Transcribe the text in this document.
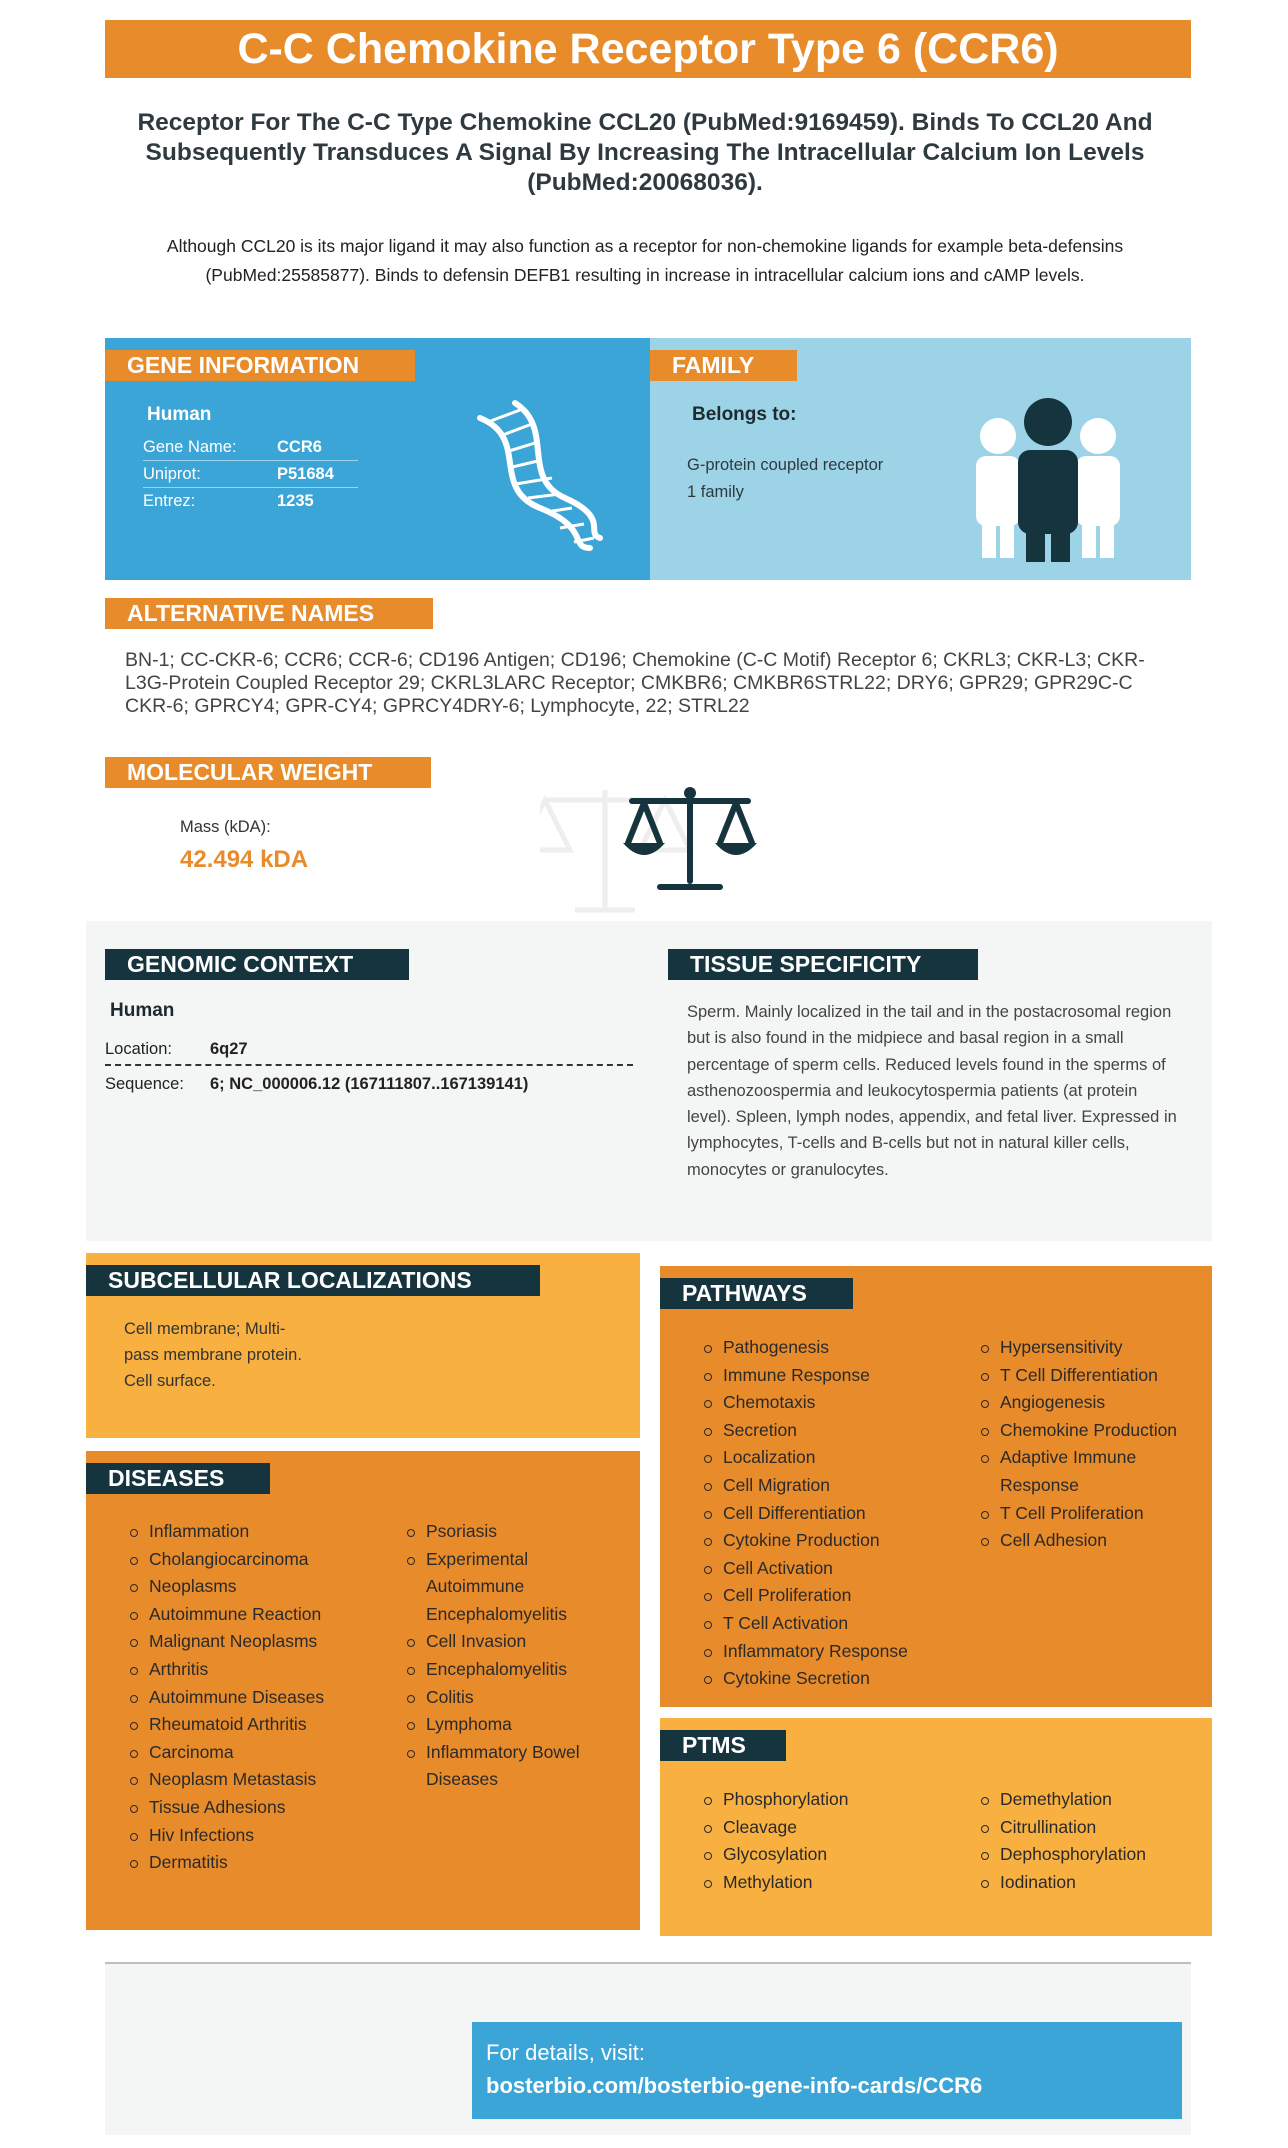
C-C Chemokine Receptor Type 6 (CCR6)
Receptor For The C-C Type Chemokine CCL20 (PubMed:9169459). Binds To CCL20 And Subsequently Transduces A Signal By Increasing The Intracellular Calcium Ion Levels (PubMed:20068036).
Although CCL20 is its major ligand it may also function as a receptor for non-chemokine ligands for example beta-defensins (PubMed:25585877). Binds to defensin DEFB1 resulting in increase in intracellular calcium ions and cAMP levels.
GENE INFORMATION
Human
Gene Name: CCR6
Uniprot:	P51684
Entrez:	1235
FAMILY
Belongs to:
G-protein coupled receptor
1 family
ALTERNATIVE NAMES
BN-1; CC-CKR-6; CCR6; CCR-6; CD196 Antigen; CD196; Chemokine (C-C Motif) Receptor 6; CKRL3; CKR-L3; CKR-L3G-Protein Coupled Receptor 29; CKRL3LARC Receptor; CMKBR6; CMKBR6STRL22; DRY6; GPR29; GPR29C-C CKR-6; GPRCY4; GPR-CY4; GPRCY4DRY-6; Lymphocyte, 22; STRL22
MOLECULAR WEIGHT
Mass (kDA):
42.494 kDA
GENOMIC CONTEXT
Human
Location: 6q27
Sequence: 6; NC_000006.12 (167111807..167139141)
TISSUE SPECIFICITY
Sperm. Mainly localized in the tail and in the postacrosomal region but is also found in the midpiece and basal region in a small percentage of sperm cells. Reduced levels found in the sperms of asthenozoospermia and leukocytospermia patients (at protein level). Spleen, lymph nodes, appendix, and fetal liver. Expressed in lymphocytes, T-cells and B-cells but not in natural killer cells, monocytes or granulocytes.
SUBCELLULAR LOCALIZATIONS
Cell membrane; Multi-
pass membrane protein.
Cell surface.
DISEASES
Inflammation
Cholangiocarcinoma
Neoplasms
Autoimmune Reaction
Malignant Neoplasms
Arthritis
Autoimmune Diseases
Rheumatoid Arthritis
Carcinoma
Neoplasm Metastasis
Tissue Adhesions
Hiv Infections
Dermatitis
Psoriasis
Experimental
Autoimmune
Encephalomyelitis
Cell Invasion
Encephalomyelitis
Colitis
Lymphoma
Inflammatory Bowel
Diseases
PATHWAYS
Pathogenesis
Immune Response
Chemotaxis
Secretion
Localization
Cell Migration
Cell Differentiation
Cytokine Production
Cell Activation
Cell Proliferation
T Cell Activation
Inflammatory Response
Cytokine Secretion
Hypersensitivity
T Cell Differentiation
Angiogenesis
Chemokine Production
Adaptive Immune
Response
T Cell Proliferation
Cell Adhesion
PTMS
Phosphorylation
Cleavage
Glycosylation
Methylation
Demethylation
Citrullination
Dephosphorylation
Iodination
For details, visit:
bosterbio.com/bosterbio-gene-info-cards/CCR6
